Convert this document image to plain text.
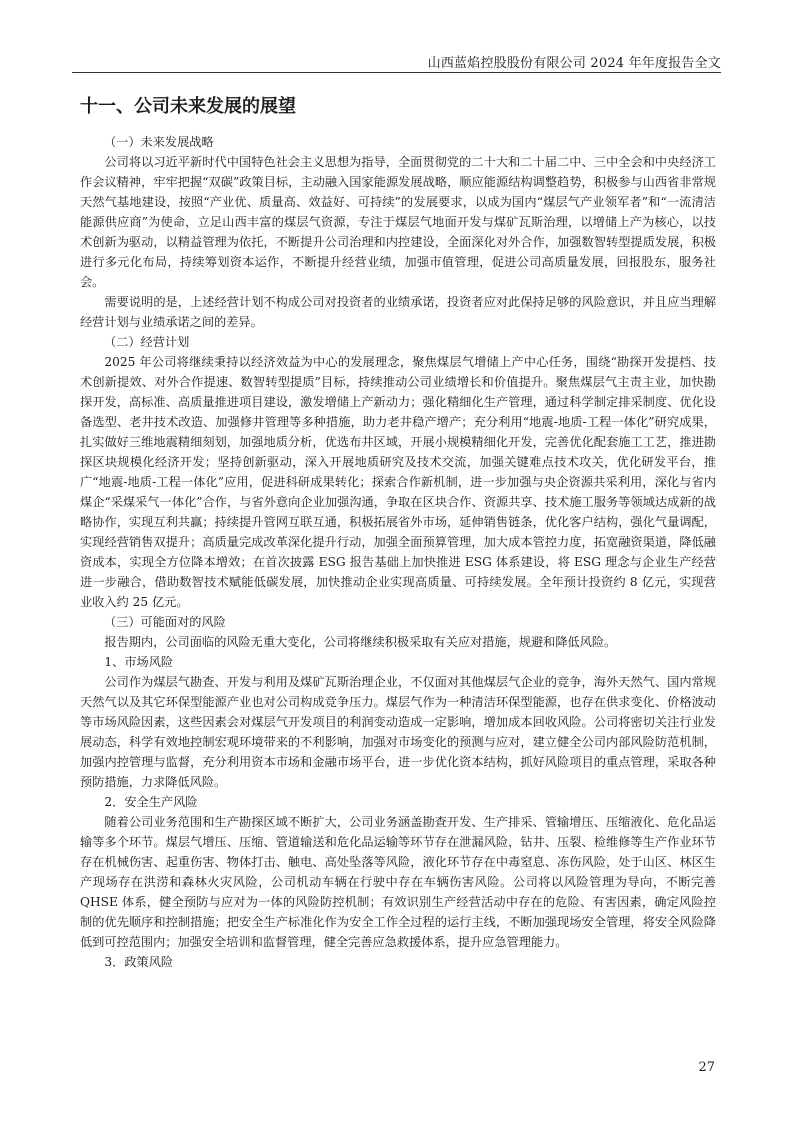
山西蓝焰控股股份有限公司 2024 年年度报告全文
十一、公司未来发展的展望

（一）未来发展战略

公司将以习近平新时代中国特色社会主义思想为指导，全面贯彻党的二十大和二十届二中、三中全会和中央经济工作会议精神，牢牢把握“双碳”政策目标，主动融入国家能源发展战略，顺应能源结构调整趋势，积极参与山西省非常规天然气基地建设，按照“产业优、质量高、效益好、可持续”的发展要求，以成为国内“煤层气产业领军者”和“一流清洁能源供应商”为使命，立足山西丰富的煤层气资源，专注于煤层气地面开发与煤矿瓦斯治理，以增储上产为核心，以技术创新为驱动，以精益管理为依托，不断提升公司治理和内控建设，全面深化对外合作，加强数智转型提质发展，积极进行多元化布局，持续筹划资本运作，不断提升经营业绩，加强市值管理，促进公司高质量发展，回报股东，服务社会。

需要说明的是，上述经营计划不构成公司对投资者的业绩承诺，投资者应对此保持足够的风险意识，并且应当理解经营计划与业绩承诺之间的差异。

（二）经营计划

2025 年公司将继续秉持以经济效益为中心的发展理念，聚焦煤层气增储上产中心任务，围绕“勘探开发提档、技术创新提效、对外合作提速、数智转型提质”目标，持续推动公司业绩增长和价值提升。聚焦煤层气主责主业，加快勘探开发，高标准、高质量推进项目建设，激发增储上产新动力；强化精细化生产管理，通过科学制定排采制度、优化设备选型、老井技术改造、加强修井管理等多种措施，助力老井稳产增产；充分利用“地震-地质-工程一体化”研究成果，扎实做好三维地震精细刻划，加强地质分析，优选布井区域，开展小规模精细化开发，完善优化配套施工工艺，推进勘探区块规模化经济开发；坚持创新驱动，深入开展地质研究及技术交流，加强关键难点技术攻关，优化研发平台，推广“地震-地质-工程一体化”应用，促进科研成果转化；探索合作新机制，进一步加强与央企资源共采利用，深化与省内煤企“采煤采气一体化”合作，与省外意向企业加强沟通，争取在区块合作、资源共享、技术施工服务等领域达成新的战略协作，实现互利共赢；持续提升管网互联互通，积极拓展省外市场，延伸销售链条，优化客户结构，强化气量调配，实现经营销售双提升；高质量完成改革深化提升行动，加强全面预算管理，加大成本管控力度，拓宽融资渠道，降低融资成本，实现全方位降本增效；在首次披露 ESG 报告基础上加快推进 ESG 体系建设，将 ESG 理念与企业生产经营进一步融合，借助数智技术赋能低碳发展，加快推动企业实现高质量、可持续发展。全年预计投资约 8 亿元，实现营业收入约 25 亿元。

（三）可能面对的风险

报告期内，公司面临的风险无重大变化，公司将继续积极采取有关应对措施，规避和降低风险。

1、市场风险

公司作为煤层气勘查、开发与利用及煤矿瓦斯治理企业，不仅面对其他煤层气企业的竞争，海外天然气、国内常规天然气以及其它环保型能源产业也对公司构成竞争压力。煤层气作为一种清洁环保型能源，也存在供求变化、价格波动等市场风险因素，这些因素会对煤层气开发项目的利润变动造成一定影响，增加成本回收风险。公司将密切关注行业发展动态，科学有效地控制宏观环境带来的不利影响，加强对市场变化的预测与应对，建立健全公司内部风险防范机制，加强内控管理与监督，充分利用资本市场和金融市场平台，进一步优化资本结构，抓好风险项目的重点管理，采取各种预防措施，力求降低风险。

2．安全生产风险

随着公司业务范围和生产勘探区域不断扩大，公司业务涵盖勘查开发、生产排采、管输增压、压缩液化、危化品运输等多个环节。煤层气增压、压缩、管道输送和危化品运输等环节存在泄漏风险，钻井、压裂、检维修等生产作业环节存在机械伤害、起重伤害、物体打击、触电、高处坠落等风险，液化环节存在中毒窒息、冻伤风险，处于山区、林区生产现场存在洪涝和森林火灾风险，公司机动车辆在行驶中存在车辆伤害风险。公司将以风险管理为导向，不断完善 QHSE 体系，健全预防与应对为一体的风险防控机制；有效识别生产经营活动中存在的危险、有害因素，确定风险控制的优先顺序和控制措施；把安全生产标准化作为安全工作全过程的运行主线，不断加强现场安全管理，将安全风险降低到可控范围内；加强安全培训和监督管理，健全完善应急救援体系，提升应急管理能力。

3．政策风险

27
